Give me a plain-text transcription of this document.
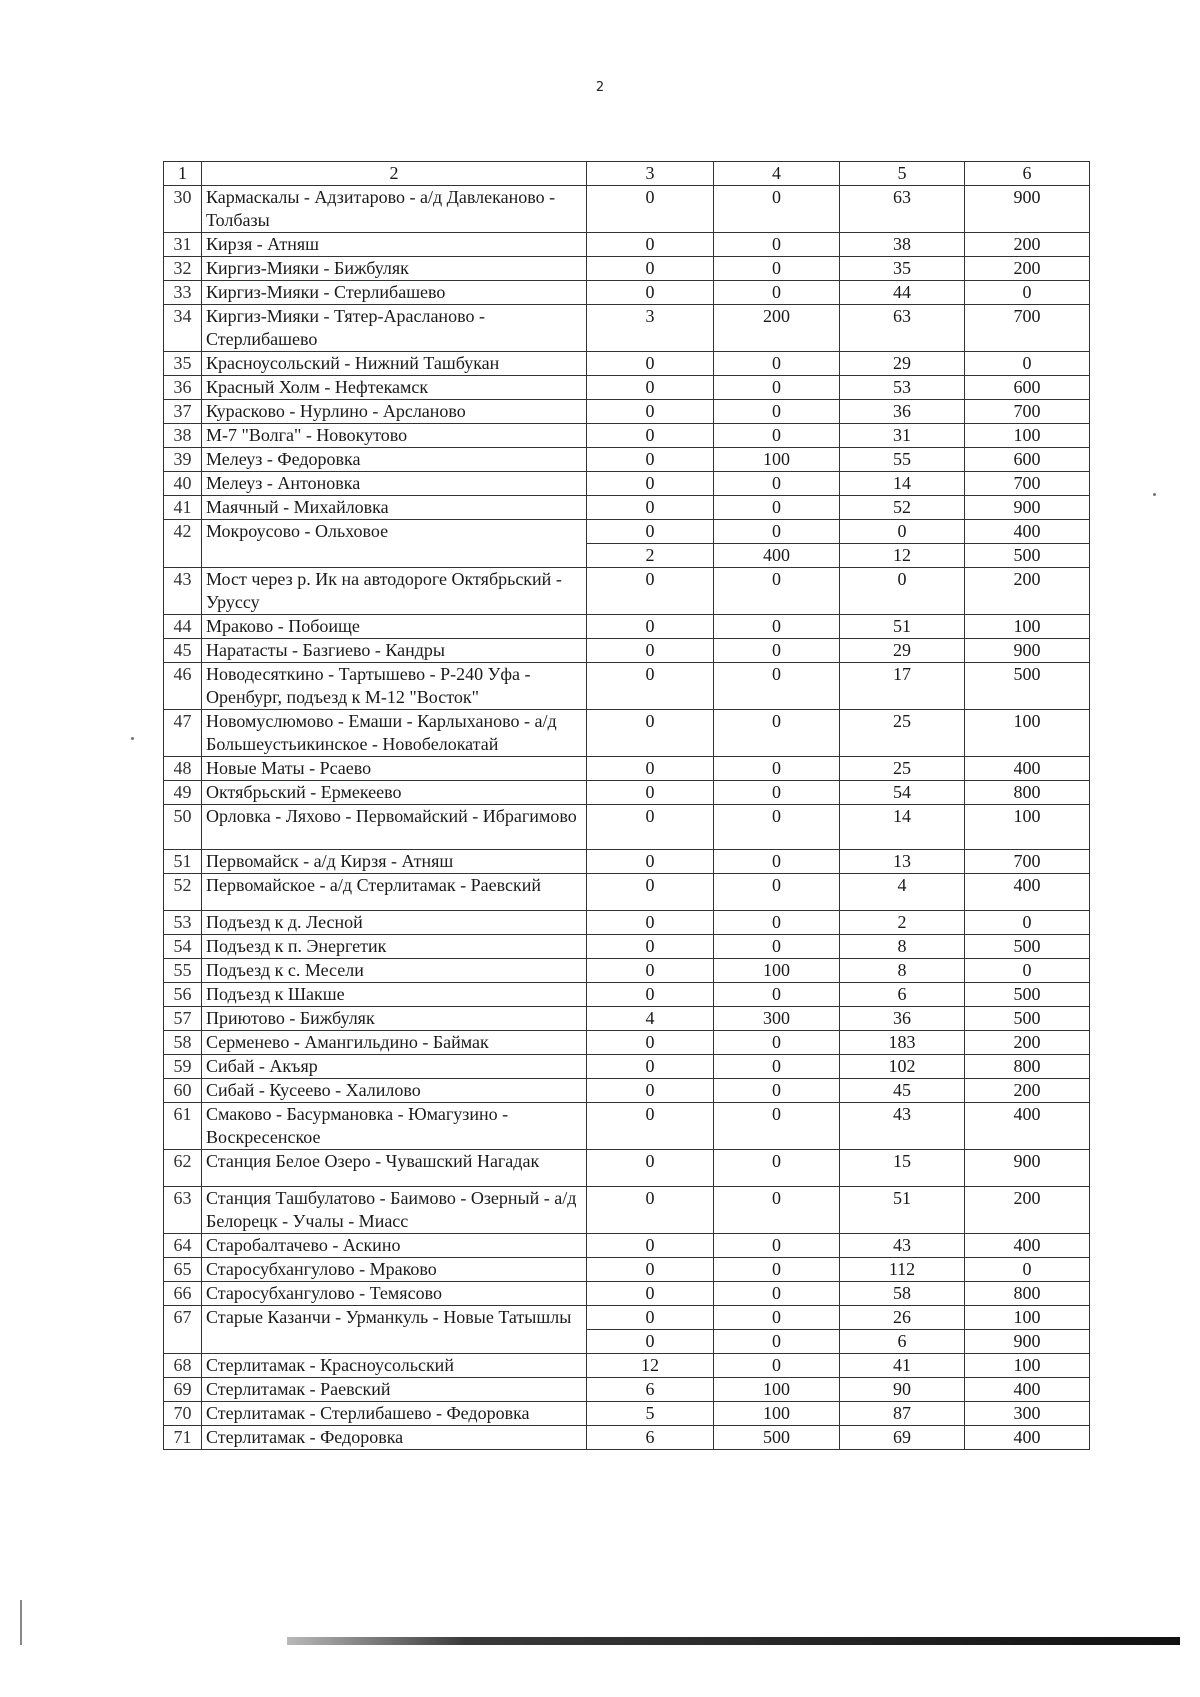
2
1	2	3	4	5	6
30	Кармаскалы - Адзитарово - а/д Давлеканово - Толбазы	0	0	63	900
31	Кирзя - Атняш	0	0	38	200
32	Киргиз-Мияки - Бижбуляк	0	0	35	200
33	Киргиз-Мияки - Стерлибашево	0	0	44	0
34	Киргиз-Мияки - Тятер-Арасланово - Стерлибашево	3	200	63	700
35	Красноусольский - Нижний Ташбукан	0	0	29	0
36	Красный Холм - Нефтекамск	0	0	53	600
37	Курасково - Нурлино - Арсланово	0	0	36	700
38	М-7 "Волга" - Новокутово	0	0	31	100
39	Мелеуз - Федоровка	0	100	55	600
40	Мелеуз - Антоновка	0	0	14	700
41	Маячный - Михайловка	0	0	52	900
42	Мокроусово - Ольховое	0	0	0	400
		2	400	12	500
43	Мост через р. Ик на автодороге Октябрьский - Уруссу	0	0	0	200
44	Мраково - Побоище	0	0	51	100
45	Наратасты - Базгиево - Кандры	0	0	29	900
46	Новодесяткино - Тартышево - Р-240 Уфа - Оренбург, подъезд к М-12 "Восток"	0	0	17	500
47	Новомуслюмово - Емаши - Карлыханово - а/д Большеустьикинское - Новобелокатай	0	0	25	100
48	Новые Маты - Рсаево	0	0	25	400
49	Октябрьский - Ермекеево	0	0	54	800
50	Орловка - Ляхово - Первомайский - Ибрагимово	0	0	14	100
51	Первомайск - а/д Кирзя - Атняш	0	0	13	700
52	Первомайское - а/д Стерлитамак - Раевский	0	0	4	400
53	Подъезд к д. Лесной	0	0	2	0
54	Подъезд к п. Энергетик	0	0	8	500
55	Подъезд к с. Месели	0	100	8	0
56	Подъезд к Шакше	0	0	6	500
57	Приютово - Бижбуляк	4	300	36	500
58	Серменево - Амангильдино - Баймак	0	0	183	200
59	Сибай - Акъяр	0	0	102	800
60	Сибай - Кусеево - Халилово	0	0	45	200
61	Смаково - Басурмановка - Юмагузино - Воскресенское	0	0	43	400
62	Станция Белое Озеро - Чувашский Нагадак	0	0	15	900
63	Станция Ташбулатово - Баимово - Озерный - а/д Белорецк - Учалы - Миасс	0	0	51	200
64	Старобалтачево - Аскино	0	0	43	400
65	Старосубхангулово - Мраково	0	0	112	0
66	Старосубхангулово - Темясово	0	0	58	800
67	Старые Казанчи - Урманкуль - Новые Татышлы	0	0	26	100
		0	0	6	900
68	Стерлитамак - Красноусольский	12	0	41	100
69	Стерлитамак - Раевский	6	100	90	400
70	Стерлитамак - Стерлибашево - Федоровка	5	100	87	300
71	Стерлитамак - Федоровка	6	500	69	400
